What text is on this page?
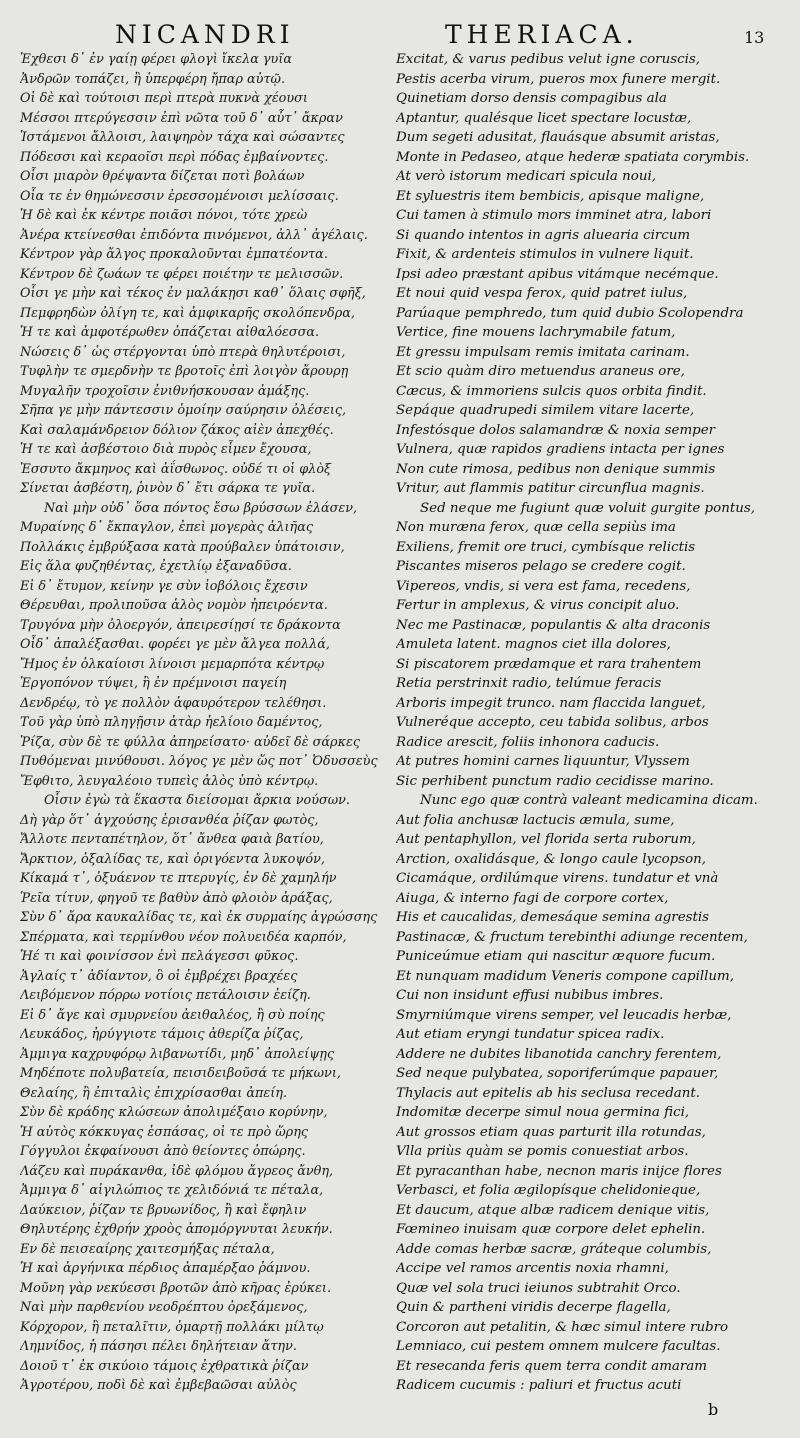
NICANDRI	THERIACA.	13
Ἐχθεσι δ᾽ ἐν γαίῃ φέρει φλογὶ ἴκελα γυῖα
Ἀνδρῶν τοπάζει, ἢ ὑπερφέρη ἤπαρ αὐτῷ.
Οἱ δὲ καὶ τούτοισι περὶ πτερὰ πυκνὰ χέουσι
Μέσσοι πτερύγεσσιν ἐπὶ νῶτα τοῦ δ᾽ αὖτ᾽ ἄκραν
Ἱστάμενοι ἄλλοισι, λαιψηρὸν τάχα καὶ σώσαντες
Πόδεσσι καὶ κεραοῖσι περὶ πόδας ἐμβαίνοντες.
Οἷσι μιαρὸν θρέψαντα δίζεται ποτὶ βολάων
Οἷα τε ἐν θημώνεσσιν ἐρεσσομένοισι μελίσσαις.
Ἡ δὲ καὶ ἐκ κέντρε ποιᾶσι πόνοι, τότε χρεὼ
Ἀνέρα κτείνεσθαι ἐπιδόντα πινόμενοι, ἀλλ᾽ ἀγέλαις.
Κέντρον γὰρ ἄλγος προκαλοῦνται ἐμπατέοντα.
Κέντρον δὲ ζωάων τε φέρει ποιέτην τε μελισσῶν.
Οἷσι γε μὴν καὶ τέκος ἐν μαλάκῃσι καθ᾽ ὅλαις σφῆξ,
Πεμφρηδὼν ὀλίγη τε, καὶ ἀμφικαρῆς σκολόπενδρα,
Ἡ τε καὶ ἀμφοτέρωθεν ὀπάζεται αἰθαλόεσσα.
Νώσεις δ᾽ ὡς στέργονται ὑπὸ πτερὰ θηλυτέροισι,
Τυφλὴν τε σμερδνὴν τε βροτοῖς ἐπὶ λοιγὸν ἄρουρῃ
Μυγαλῆν τροχοῖσιν ἐνιθνήσκουσαν ἁμάξης.
Σῆπα γε μὴν πάντεσσιν ὁμοίην σαύρησιν ὀλέσεις,
Καὶ σαλαμάνδρειον δόλιον ζάκος αἰὲν ἀπεχθές.
Ἡ τε καὶ ἀσβέστοιο διὰ πυρὸς εἶμεν ἔχουσα,
Ἐσσυτο ἄκμηνος καὶ ἀΐσθωνος. οὐδέ τι οἱ φλὸξ
Σίνεται ἀσβέστη, ῥινὸν δ᾽ ἔτι σάρκα τε γυῖα.
Ναὶ μὴν οὐδ᾽ ὅσα πόντος ἔσω βρύσσων ἐλάσεν,
Μυραίνης δ᾽ ἔκπαγλον, ἐπεὶ μογερὰς ἁλιῆας
Πολλάκις ἐμβρύξασα κατὰ προύβαλεν ὑπάτοισιν,
Εἰς ἅλα φυζηθέντας, ἐχετλίῳ ἐξαναδῦσα.
Εἰ δ᾽ ἔτυμον, κείνην γε σὺν ἰοβόλοις ἔχεσιν
Θέρευθαι, προλιποῦσα ἁλὸς νομὸν ἠπειρόεντα.
Τρυγόνα μὴν ὀλοεργόν, ἀπειρεσίῃσί τε δράκοντα
Οἶδ᾽ ἀπαλέξασθαι. φορέει γε μὲν ἄλγεα πολλά,
Ἤμος ἐν ὀλκαίοισι λίνοισι μεμαρπότα κέντρῳ
Ἐργοπόνον τύψει, ἢ ἐν πρέμνοισι παγείη
Δενδρέῳ, τὸ γε πολλὸν ἀφαυρότερον τελέθησι.
Τοῦ γὰρ ὑπὸ πληγῇσιν ἀτὰρ ἠελίοιο δαμέντος,
Ῥίζα, σὺν δὲ τε φύλλα ἀπηρείσατο· αὐδεῖ δὲ σάρκες
Πυθόμεναι μινύθουσι. λόγος γε μὲν ὥς ποτ᾽ Ὀδυσσεὺς
Ἔφθιτο, λευγαλέοιο τυπεὶς ἁλὸς ὑπὸ κέντρῳ.
Οἷσιν ἐγὼ τὰ ἕκαστα διείσομαι ἄρκια νούσων.
Δὴ γὰρ ὅτ᾽ ἀγχούσης ἐρισανθέα ῥίζαν φωτὸς,
Ἄλλοτε πενταπέτηλον, ὅτ᾽ ἄνθεα φαιὰ βατίου,
Ἄρκτιον, ὀξαλίδας τε, καὶ ὀριγόεντα λυκοψόν,
Κίκαμά τ᾽, ὀξυάενον τε πτερυγίς, ἐν δὲ χαμηλήν
Ῥεῖα τίτυν, φηγοῦ τε βαθὺν ἀπὸ φλοιὸν ἀράξας,
Σὺν δ᾽ ἄρα καυκαλίδας τε, καὶ ἐκ συρμαίης ἀγρώσσης
Σπέρματα, καὶ τερμίνθου νέον πολυειδέα καρπόν,
Ἠέ τι καὶ φοινίσσον ἐνὶ πελάγεσσι φῦκος.
Ἀγλαίς τ᾽ ἀδίαντον, ὃ οἱ ἐμβρέχει βραχέες
Λειβόμενον πόρρω νοτίοις πετάλοισιν ἐείζη.
Εἰ δ᾽ ἄγε καὶ σμυρνείου ἀειθαλέος, ἢ σὺ ποίης
Λευκάδος, ἠρύγγιοτε τάμοις ἀθερίζα ῥίζας,
Ἀμμιγα καχρυφόρῳ λιβανωτίδι, μηδ᾽ ἀπολείψῃς
Μηδέποτε πολυβατεία, πεισιδειβοῦσά τε μήκωνι,
Θελαίης, ἢ ἐπιταλὶς ἐπιχρίσασθαι ἀπείη.
Σὺν δὲ κράδης κλώσεων ἀπολιμέξαιο κορύνην,
Ἡ αὐτὸς κόκκυγας ἐσπάσας, οἱ τε πρὸ ὥρης
Γόγγυλοι ἐκφαίνουσι ἀπὸ θείοντες ὀπώρης.
Λάζευ καὶ πυράκανθα, ἰδὲ φλόμου ἄγρεος ἄνθη,
Ἀμμιγα δ᾽ αἰγιλώπιος τε χελιδόνιά τε πέταλα,
Δαύκειον, ῥίζαν τε βρυωνίδος, ἢ καὶ ἔφηλιν
Θηλυτέρης ἐχθρήν χροὸς ἀπομόργνυται λευκήν.
Εν δὲ πεισεαίρης χαιτεσμήξας πέταλα,
Ἠ καὶ ἀργήνικα πέρδιος ἀπαμέρξαο ῥάμνου.
Μοῦνη γὰρ νεκύεσσι βροτῶν ἀπὸ κῆρας ἐρύκει.
Ναὶ μὴν παρθενίου νεοδρέπτου ὀρεξάμενος,
Κόρχορον, ἢ πεταλῖτιν, ὁμαρτῇ πολλάκι μίλτῳ
Λημνίδος, ἡ πάσησι πέλει δηλήτειαν ἄτην.
Δοιοῦ τ᾽ ἐκ σικύοιο τάμοις ἐχθρατικὰ ῥίζαν
Ἀγροτέρου, ποδὶ δὲ καὶ ἐμβεβαῶσαι αὐλὸς
Excitat, & varus pedibus velut igne coruscis,
Pestis acerba virum, pueros mox funere mergit.
Quinetiam dorso densis compagibus ala
Aptantur, qualésque licet spectare locustæ,
Dum segeti adusitat, flauásque absumit aristas,
Monte in Pedaseo, atque hederæ spatiata corymbis.
At verò istorum medicari spicula noui,
Et syluestris item bembicis, apisque maligne,
Cui tamen à stimulo mors imminet atra, labori
Si quando intentos in agris aluearia circum
Fixit, & ardenteis stimulos in vulnere liquit.
Ipsi adeo præstant apibus vitámque necémque.
Et noui quid vespa ferox, quid patret iulus,
Parúaque pemphredo, tum quid dubio Scolopendra
Vertice, fine mouens lachrymabile fatum,
Et gressu impulsam remis imitata carinam.
Et scio quàm diro metuendus araneus ore,
Cæcus, & immoriens sulcis quos orbita findit.
Sepáque quadrupedi similem vitare lacerte,
Infestósque dolos salamandræ & noxia semper
Vulnera, quæ rapidos gradiens intacta per ignes
Non cute rimosa, pedibus non denique summis
Vritur, aut flammis patitur circunflua magnis.
Sed neque me fugiunt quæ voluit gurgite pontus,
Non muræna ferox, quæ cella sepiùs ima
Exiliens, fremit ore truci, cymbísque relictis
Piscantes miseros pelago se credere cogit.
Vipereos, vndis, si vera est fama, recedens,
Fertur in amplexus, & virus concipit aluo.
Nec me Pastinacæ, populantis & alta draconis
Amuleta latent. magnos ciet illa dolores,
Si piscatorem prædamque et rara trahentem
Retia perstrinxit radio, telúmue feracis
Arboris impegit trunco. nam flaccida languet,
Vulneréque accepto, ceu tabida solibus, arbos
Radice arescit, foliis inhonora caducis.
At putres homini carnes liquuntur, Vlyssem
Sic perhibent punctum radio cecidisse marino.
Nunc ego quæ contrà valeant medicamina dicam.
Aut folia anchusæ lactucis æmula, sume,
Aut pentaphyllon, vel florida serta ruborum,
Arction, oxalidásque, & longo caule lycopson,
Cicamáque, ordilúmque virens. tundatur et vnà
Aiuga, & interno fagi de corpore cortex,
His et caucalidas, demesáque semina agrestis
Pastinacæ, & fructum terebinthi adiunge recentem,
Puniceúmue etiam qui nascitur æquore fucum.
Et nunquam madidum Veneris compone capillum,
Cui non insidunt effusi nubibus imbres.
Smyrniúmque virens semper, vel leucadis herbæ,
Aut etiam eryngi tundatur spicea radix.
Addere ne dubites libanotida canchry ferentem,
Sed neque pulybatea, soporiferúmque papauer,
Thylacis aut epitelis ab his seclusa recedant.
Indomitæ decerpe simul noua germina fici,
Aut grossos etiam quas parturit illa rotundas,
Vlla priùs quàm se pomis conuestiat arbos.
Et pyracanthan habe, necnon maris inijce flores
Verbasci, et folia ægilopísque chelidonieque,
Et daucum, atque albæ radicem denique vitis,
Fœmineo inuisam quæ corpore delet ephelin.
Adde comas herbæ sacræ, gráteque columbis,
Accipe vel ramos arcentis noxia rhamni,
Quæ vel sola truci ieiunos subtrahit Orco.
Quin & partheni viridis decerpe flagella,
Corcoron aut petalitin, & hæc simul intere rubro
Lemniaco, cui pestem omnem mulcere facultas.
Et resecanda feris quem terra condit amaram
Radicem cucumis : paliuri et fructus acuti
b
